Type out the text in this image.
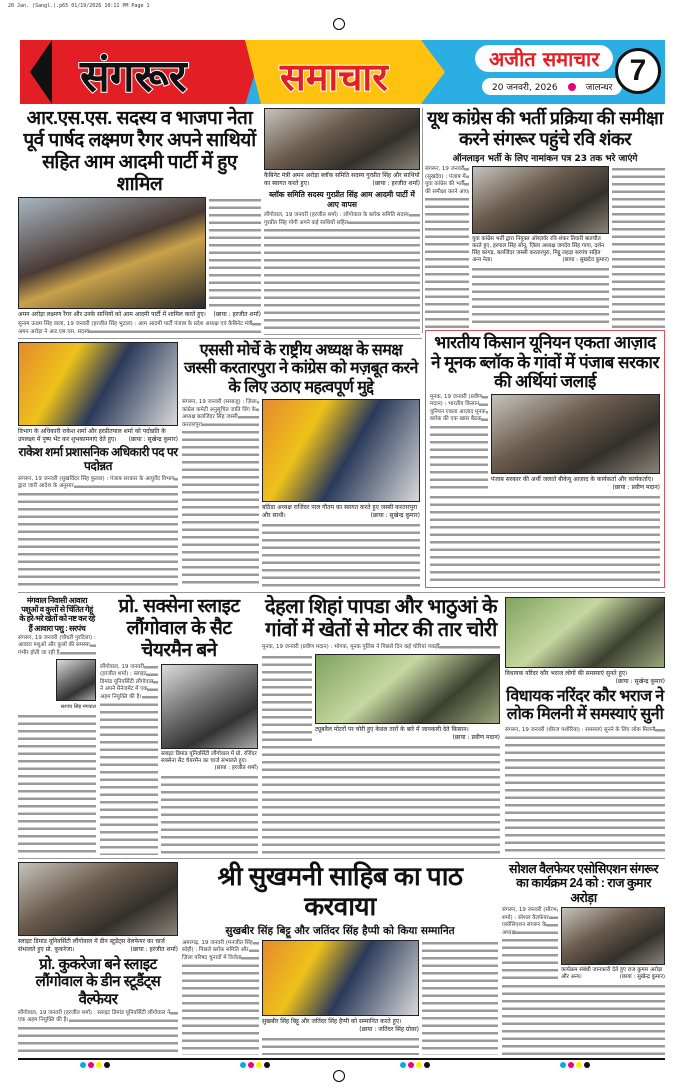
20 Jan. (Sangl.).p65 01/19/2026 10:11 PM Page 1
संगरूर समाचार	अजीत समाचार
20 जनवरी, 2026	जालन्धर
7
आर.एस.एस. सदस्य व भाजपा नेता पूर्व पार्षद लक्ष्मण रैगर अपने साथियों सहित आम आदमी पार्टी में हुए शामिल
अमन अरोड़ा लक्ष्मण रैगर और उनके साथियों को आम आदमी पार्टी में शामिल करते हुए। (छाया : हरजीत शर्मा)
सुनाम ऊधम सिंह वाला, 19 जनवरी (हरजीत सिंह भुटाल) : आम आदमी पार्टी पंजाब के प्रदेश अध्यक्ष एवं कैबिनेट मंत्री अमन अरोड़ा ने आर.एस.एस. सदस्य
कैबिनेट मंत्री अमन अरोड़ा ब्लॉक समिति सदस्य गुरप्रीत सिंह और साथियों का स्वागत करते हुए।	(छाया : हरजीत शर्मा)
ब्लॉक समिति सदस्य गुरप्रीत सिंह आम आदमी पार्टी में आए वापस
लौंगोवाल, 19 जनवरी (हरजीत शर्मा) : लोंगोवाल के ब्लॉक समिति सदस्य गुरप्रीत सिंह गोगी अपने कई साथियों सहित
यूथ कांग्रेस की भर्ती प्रक्रिया की समीक्षा करने संगरूर पहुंचे रवि शंकर
ऑनलाइन भर्ती के लिए नामांकन पत्र 23 तक भरे जाएंगे
संगरूर, 19 जनवरी (सुखदेव) : पंजाब में युवा कांग्रेस की भर्ती की समीक्षा करने आए
युवा कांग्रेस भर्ती द्वारा नियुक्त ऑब्ज़र्वर रवि शंकर तिवारी बातचीत करते हुए, हरपाल सिंह सोनू, ज़िला अध्यक्ष जगदेव सिंह गागा, दर्शन सिंह कांगड़, बलजिंदर जस्सी करतारपुरा, मिट्ठू लहड़ा सरपंच सहित अन्य नेता।	(छाया : सुखदेव कुमार)
विभाग के अधिकारी राकेश शर्मा और हरप्रीतपाल शर्मा को पदोन्नति के उपलक्ष्य में पुष्प भेंट कर शुभकामनाएं देते हुए। (छाया : सुखेन्द्र कुमार)
राकेश शर्मा प्रशासनिक अधिकारी पद पर पदोन्नत
संगरूर, 19 जनवरी (सुखविंदर सिंह फुलल) : पंजाब सरकार के आयुर्वेद विभाग द्वारा जारी आदेश के अनुसार
एससी मोर्चे के राष्ट्रीय अध्यक्ष के समक्ष जस्सी करतारपुरा ने कांग्रेस को मज़बूत करने के लिए उठाए महत्वपूर्ण मुद्दे
संगरूर, 19 जनवरी (सरबजु) : ज़िला कांग्रेस कमेटी अनुसूचित जाति विंग के अध्यक्ष बलजिंदर सिंह जस्सी करतारपुरा
बठिंडा अध्यक्ष राजिंदर पाल गौतम का स्वागत करते हुए जस्सी करतारपुरा और साथी।	(छाया : सुखेन्द्र कुमार)
भारतीय किसान यूनियन एकता आज़ाद ने मूनक ब्लॉक के गांवों में पंजाब सरकार की अर्थियां जलाई
मूनक, 19 जनवरी (प्रवीण मदान) : भारतीय किसान यूनियन एकता आज़ाद मूनक ब्लॉक की एक खास बैठक
पंजाब सरकार की अर्थी जलाते बीकेयू आज़ाद के कार्यकर्ता और कार्यकर्ताएं।
(छाया : प्रवीण मदान)
मंगवाल निवासी आवारा पशुओं व कुत्तों से चिंतित गेहूं के हरे-भरे खेतों को नष्ट कर रहे हैं आवारा पशु : सरपंच
संगरूर, 19 जनवरी (चौधरी गुरदित्ता) : आवारा पशुओं और कुत्तों की समस्या गंभीर होती जा रही है
सरपंच सिंह मंगवाल
प्रो. सक्सेना स्लाइट लौंगोवाल के सैट चेयरमैन बने
लौंगोवाल, 19 जनवरी (हरजीत शर्मा) : स्लाइट डिमांड यूनिवर्सिटी लौंगोवाल ने अपने मैनेजमेंट में एक अहम नियुक्ति की है।
स्लाइट डिमांड यूनिवर्सिटी लौंगोवाल में प्रो. रजिंदर सक्सेना सैट चेयरमैन का चार्ज संभालते हुए।
(छाया : हरजीत शर्मा)
देहला शिहां पापडा और भाठुआं के गांवों में खेतों से मोटर की तार चोरी
मूनक, 19 जनवरी (प्रवीण मदान) : भोगक, मूनक पुलिस ने पिछले दिन कई चोरियां पकड़ीं
ट्यूबवैल मोटरों पर चोरी हुए केवल तारों के बारे में जानकारी देते किसान।
(छाया : प्रवीण मदान)
विधायक नरिंदर कौर भराज लोगों की समस्याएं सुनते हुए।
(छाया : सुखेन्द्र कुमार)
विधायक नरिंदर कौर भराज ने लोक मिलनी में समस्याएं सुनी
संगरूर, 19 जनवरी (धीरज पशौरिया) : समस्याएं सुनने के लिए लोक मिलनी
स्लाइट डिमांड यूनिवर्सिटी लौंगोवाल में डीन स्टूडेंट्स वेलफेयर का चार्ज संभालते हुए प्रो. कुकरेजा।	(छाया : हरजीत शर्मा)
प्रो. कुकरेजा बने स्लाइट लौंगोवाल के डीन स्टूडैंट्स वैल्फेयर
लौंगोवाल, 19 जनवरी (हरजीत शर्मा) : स्लाइट डिमांड यूनिवर्सिटी लौंगोवाल ने एक अहम नियुक्ति की है।
श्री सुखमनी साहिब का पाठ करवाया
सुखबीर सिंह बिट्टू और जतिंदर सिंह हैप्पी को किया सम्मानित
अमरगढ़, 19 जनवरी (मनजीत सिंह सोही) : पिछले ब्लॉक समिति और ज़िला परिषद चुनावों में विजेता
सुखबीर सिंह बिट्टू और जतिंदर सिंह हैप्पी को सम्मानित करते हुए।
(छाया : जतिंदर सिंह ग्रोवर)
सोशल वैलफेयर एसोसिएशन संगरूर का कार्यक्रम 24 को : राज कुमार अरोड़ा
संगरूर, 19 जनवरी (सौरभ शर्मा) : सोशल वैलफेयर एसोसिएशन संगरूर के अध्यक्ष
कार्यक्रम संबंधी जानकारी देते हुए राज कुमार अरोड़ा और अन्य।	(छाया : सुखेन्द्र कुमार)
